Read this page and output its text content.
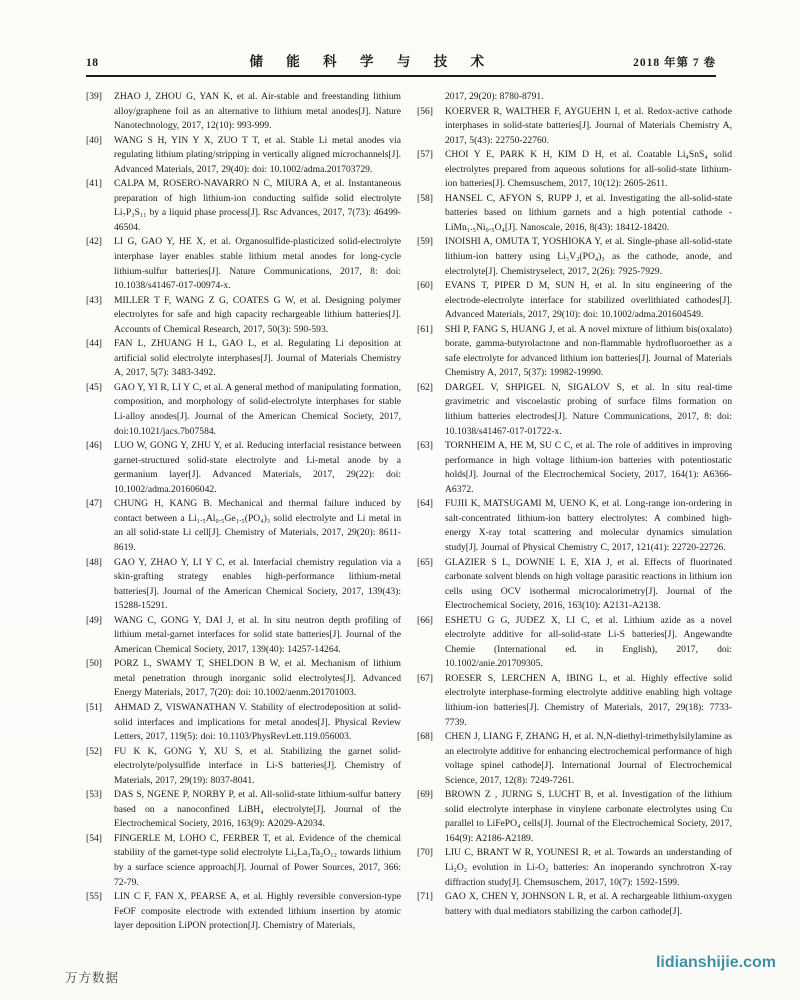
18	储 能 科 学 与 技 术	2018 年第 7 卷
[39]	ZHAO J, ZHOU G, YAN K, et al. Air-stable and freestanding lithium alloy/graphene foil as an alternative to lithium metal anodes[J]. Nature Nanotechnology, 2017, 12(10): 993-999.
[40]	WANG S H, YIN Y X, ZUO T T, et al. Stable Li metal anodes via regulating lithium plating/stripping in vertically aligned microchannels[J]. Advanced Materials, 2017, 29(40): doi: 10.1002/adma.201703729.
[41]	CALPA M, ROSERO-NAVARRO N C, MIURA A, et al. Instantaneous preparation of high lithium-ion conducting sulfide solid electrolyte Li₇P₃S₁₁ by a liquid phase process[J]. Rsc Advances, 2017, 7(73): 46499-46504.
[42]	LI G, GAO Y, HE X, et al. Organosulfide-plasticized solid-electrolyte interphase layer enables stable lithium metal anodes for long-cycle lithium-sulfur batteries[J]. Nature Communications, 2017, 8: doi: 10.1038/s41467-017-00974-x.
[43]	MILLER T F, WANG Z G, COATES G W, et al. Designing polymer electrolytes for safe and high capacity rechargeable lithium batteries[J]. Accounts of Chemical Research, 2017, 50(3): 590-593.
[44]	FAN L, ZHUANG H L, GAO L, et al. Regulating Li deposition at artificial solid electrolyte interphases[J]. Journal of Materials Chemistry A, 2017, 5(7): 3483-3492.
[45]	GAO Y, YI R, LI Y C, et al. A general method of manipulating formation, composition, and morphology of solid-electrolyte interphases for stable Li-alloy anodes[J]. Journal of the American Chemical Society, 2017, doi:10.1021/jacs.7b07584.
[46]	LUO W, GONG Y, ZHU Y, et al. Reducing interfacial resistance between garnet-structured solid-state electrolyte and Li-metal anode by a germanium layer[J]. Advanced Materials, 2017, 29(22): doi: 10.1002/adma.201606042.
[47]	CHUNG H, KANG B. Mechanical and thermal failure induced by contact between a Li₁.₅Al₀.₅Ge₁.₅(PO₄)₃ solid electrolyte and Li metal in an all solid-state Li cell[J]. Chemistry of Materials, 2017, 29(20): 8611-8619.
[48]	GAO Y, ZHAO Y, LI Y C, et al. Interfacial chemistry regulation via a skin-grafting strategy enables high-performance lithium-metal batteries[J]. Journal of the American Chemical Society, 2017, 139(43): 15288-15291.
[49]	WANG C, GONG Y, DAI J, et al. In situ neutron depth profiling of lithium metal-garnet interfaces for solid state batteries[J]. Journal of the American Chemical Society, 2017, 139(40): 14257-14264.
[50]	PORZ L, SWAMY T, SHELDON B W, et al. Mechanism of lithium metal penetration through inorganic solid electrolytes[J]. Advanced Energy Materials, 2017, 7(20): doi: 10.1002/aenm.201701003.
[51]	AHMAD Z, VISWANATHAN V. Stability of electrodeposition at solid-solid interfaces and implications for metal anodes[J]. Physical Review Letters, 2017, 119(5): doi: 10.1103/PhysRevLett.119.056003.
[52]	FU K K, GONG Y, XU S, et al. Stabilizing the garnet solid-electrolyte/polysulfide interface in Li-S batteries[J]. Chemistry of Materials, 2017, 29(19): 8037-8041.
[53]	DAS S, NGENE P, NORBY P, et al. All-solid-state lithium-sulfur battery based on a nanoconfined LiBH₄ electrolyte[J]. Journal of the Electrochemical Society, 2016, 163(9): A2029-A2034.
[54]	FINGERLE M, LOHO C, FERBER T, et al. Evidence of the chemical stability of the garnet-type solid electrolyte Li₅La₃Ta₂O₁₂ towards lithium by a surface science approach[J]. Journal of Power Sources, 2017, 366: 72-79.
[55]	LIN C F, FAN X, PEARSE A, et al. Highly reversible conversion-type FeOF composite electrode with extended lithium insertion by atomic layer deposition LiPON protection[J]. Chemistry of Materials,
2017, 29(20): 8780-8791.
[56]	KOERVER R, WALTHER F, AYGUEHN I, et al. Redox-active cathode interphases in solid-state batteries[J]. Journal of Materials Chemistry A, 2017, 5(43): 22750-22760.
[57]	CHOI Y E, PARK K H, KIM D H, et al. Coatable Li₄SnS₄ solid electrolytes prepared from aqueous solutions for all-solid-state lithium-ion batteries[J]. Chemsuschem, 2017, 10(12): 2605-2611.
[58]	HANSEL C, AFYON S, RUPP J, et al. Investigating the all-solid-state batteries based on lithium garnets and a high potential cathode - LiMn₁.₅Ni₀.₅O₄[J]. Nanoscale, 2016, 8(43): 18412-18420.
[59]	INOISHI A, OMUTA T, YOSHIOKA Y, et al. Single-phase all-solid-state lithium-ion battery using Li₃V₂(PO₄)₃ as the cathode, anode, and electrolyte[J]. Chemistryselect, 2017, 2(26): 7925-7929.
[60]	EVANS T, PIPER D M, SUN H, et al. In situ engineering of the electrode-electrolyte interface for stabilized overlithiated cathodes[J]. Advanced Materials, 2017, 29(10): doi: 10.1002/adma.201604549.
[61]	SHI P, FANG S, HUANG J, et al. A novel mixture of lithium bis(oxalato) borate, gamma-butyrolactone and non-flammable hydrofluoroether as a safe electrolyte for advanced lithium ion batteries[J]. Journal of Materials Chemistry A, 2017, 5(37): 19982-19990.
[62]	DARGEL V, SHPIGEL N, SIGALOV S, et al. In situ real-time gravimetric and viscoelastic probing of surface films formation on lithium batteries electrodes[J]. Nature Communications, 2017, 8: doi: 10.1038/s41467-017-01722-x.
[63]	TORNHEIM A, HE M, SU C C, et al. The role of additives in improving performance in high voltage lithium-ion batteries with potentiostatic holds[J]. Journal of the Electrochemical Society, 2017, 164(1): A6366-A6372.
[64]	FUJII K, MATSUGAMI M, UENO K, et al. Long-range ion-ordering in salt-concentrated lithium-ion battery electrolytes: A combined high-energy X-ray total scattering and molecular dynamics simulation study[J]. Journal of Physical Chemistry C, 2017, 121(41): 22720-22726.
[65]	GLAZIER S L, DOWNIE L E, XIA J, et al. Effects of fluorinated carbonate solvent blends on high voltage parasitic reactions in lithium ion cells using OCV isothermal microcalorimetry[J]. Journal of the Electrochemical Society, 2016, 163(10): A2131-A2138.
[66]	ESHETU G G, JUDEZ X, LI C, et al. Lithium azide as a novel electrolyte additive for all-solid-state Li-S batteries[J]. Angewandte Chemie (International ed. in English), 2017, doi: 10.1002/anie.201709305.
[67]	ROESER S, LERCHEN A, IBING L, et al. Highly effective solid electrolyte interphase-forming electrolyte additive enabling high voltage lithium-ion batteries[J]. Chemistry of Materials, 2017, 29(18): 7733-7739.
[68]	CHEN J, LIANG F, ZHANG H, et al. N,N-diethyl-trimethylsilylamine as an electrolyte additive for enhancing electrochemical performance of high voltage spinel cathode[J]. International Journal of Electrochemical Science, 2017, 12(8): 7249-7261.
[69]	BROWN Z , JURNG S, LUCHT B, et al. Investigation of the lithium solid electrolyte interphase in vinylene carbonate electrolytes using Cu parallel to LiFePO₄ cells[J]. Journal of the Electrochemical Society, 2017, 164(9): A2186-A2189.
[70]	LIU C, BRANT W R, YOUNESI R, et al. Towards an understanding of Li₂O₂ evolution in Li-O₂ batteries: An inoperando synchrotron X-ray diffraction study[J]. Chemsuschem, 2017, 10(7): 1592-1599.
[71]	GAO X, CHEN Y, JOHNSON L R, et al. A rechargeable lithium-oxygen battery with dual mediators stabilizing the carbon cathode[J].
万方数据
lidianshijie.com
